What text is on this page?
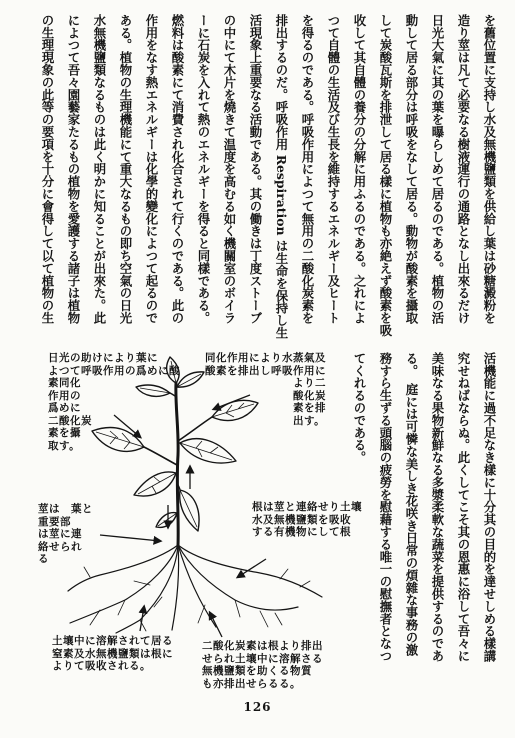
を舊位置に支持し水及無機鹽類を供給し葉は砂糖澱粉を
造り莖は凡て必要なる樹液運行の通路となし出來るだけ
日光大氣に其の葉を曝らしめて居るのである。植物の活
動して居る部分は呼吸をなして居る。動物が酸素を攝取
して炭酸瓦斯を排泄して居る樣に植物も亦絶えず酸素を吸
收して其自體の養分の分解に用ふるのである。之れによ
つて自體の生活及び生長を維持するエネルギー及ヒート
を得るのである。呼吸作用によつて無用の二酸化炭素を
排出するのだ。呼吸作用 Respiration は生命を保持し生
活現象上重要なる活動である。其の働きは丁度ストーブ
の中にて木片を燒きて温度を高むる如く機關室のボイラ
ーに石炭を入れて熱のエネルギーを得ると同樣である。
燃料は酸素にて消費され化合されて行くのである。此の
作用をなす熱エネルギーは化學的變化によつて起るので
ある。植物の生理機能にて重大なるもの即ち空氣の日光
水無機鹽類なるものは此く明かに知ることが出來た。此
によつて吾々園藝家たるもの植物を愛護する諸子は植物
の生理現象の此等の要項を十分に會得して以て植物の生
活機能に過不足なき樣に十分其の目的を達せしめる樣講
究せねばならぬ。此くしてこそ其の恩惠に浴して吾々に
美味なる果物新鮮なる多漿柔軟な蔬菜を提供するのであ
る。　庭には可憐な美しき花咲き日常の煩雜な事務の激
務すら生ずる頭腦の疲勞を慰藉する唯一の慰撫者となつ
てくれるのである。
日光の助けにより葉に
よつて呼吸作用の爲めに酸
素同化
作用の
爲めに
二酸化炭
素を攝
取す。
同化作用により水蒸氣及
酸素を排出し呼吸作用に
より二
酸化炭
素を排
出す。
莖は　葉と
重要部
は莖に連
絡せられ
る
根は莖と連絡せり土壤
水及無機鹽類を吸收
する有機物にして根
土壤中に溶解されて居る
窒素及水無機鹽類は根に
よりて吸收される。
二酸化炭素は根より排出
せられ土壤中に溶解さる
無機鹽類を助くる物質
も亦排出せらるる。
126
